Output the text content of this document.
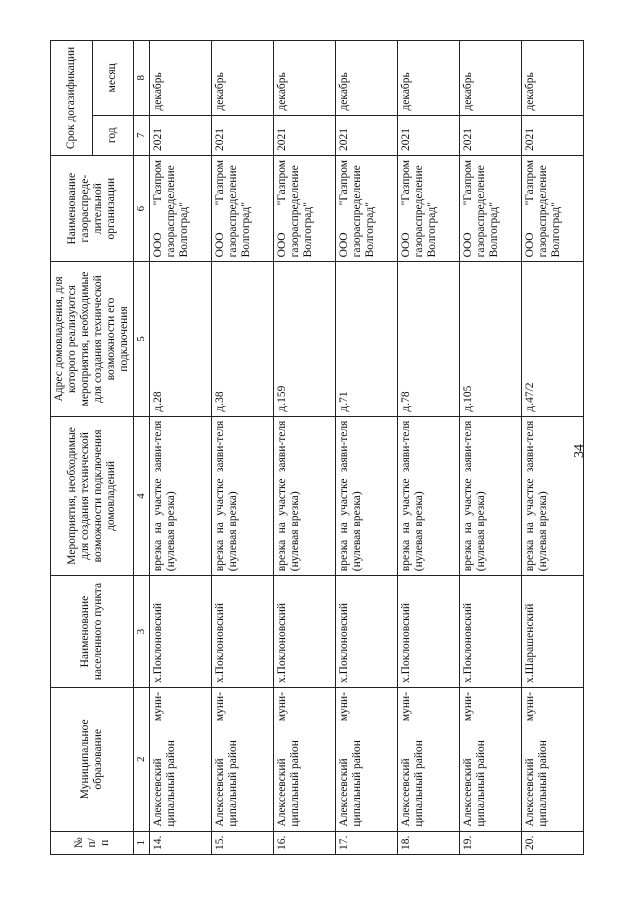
34
№ п/п	Муниципальное образование	Наименование населенного пункта	Мероприятия, необходимые для создания технической возможности подключения домовладений	Адрес домовладения, для которого реализуются мероприятия, необходимые для создания технической возможности его подключения	Наименование газораспреде-лительной организации	Срок догазификации	
						год	месяц
1	2	3	4	5	6	7	8
14.	Алексеевский муни-ципальный район	х.Поклоновский	врезка на участке заяви-теля (нулевая врезка)	д.28	ООО "Газпром газораспределение Волгоград"	2021	декабрь
15.	Алексеевский муни-ципальный район	х.Поклоновский	врезка на участке заяви-теля (нулевая врезка)	д.38	ООО "Газпром газораспределение Волгоград"	2021	декабрь
16.	Алексеевский муни-ципальный район	х.Поклоновский	врезка на участке заяви-теля (нулевая врезка)	д.159	ООО "Газпром газораспределение Волгоград"	2021	декабрь
17.	Алексеевский муни-ципальный район	х.Поклоновский	врезка на участке заяви-теля (нулевая врезка)	д.71	ООО "Газпром газораспределение Волгоград"	2021	декабрь
18.	Алексеевский муни-ципальный район	х.Поклоновский	врезка на участке заяви-теля (нулевая врезка)	д.78	ООО "Газпром газораспределение Волгоград"	2021	декабрь
19.	Алексеевский муни-ципальный район	х.Поклоновский	врезка на участке заяви-теля (нулевая врезка)	д.105	ООО "Газпром газораспределение Волгоград"	2021	декабрь
20.	Алексеевский муни-ципальный район	х.Шарашенский	врезка на участке заяви-теля (нулевая врезка)	д.47/2	ООО "Газпром газораспределение Волгоград"	2021	декабрь
